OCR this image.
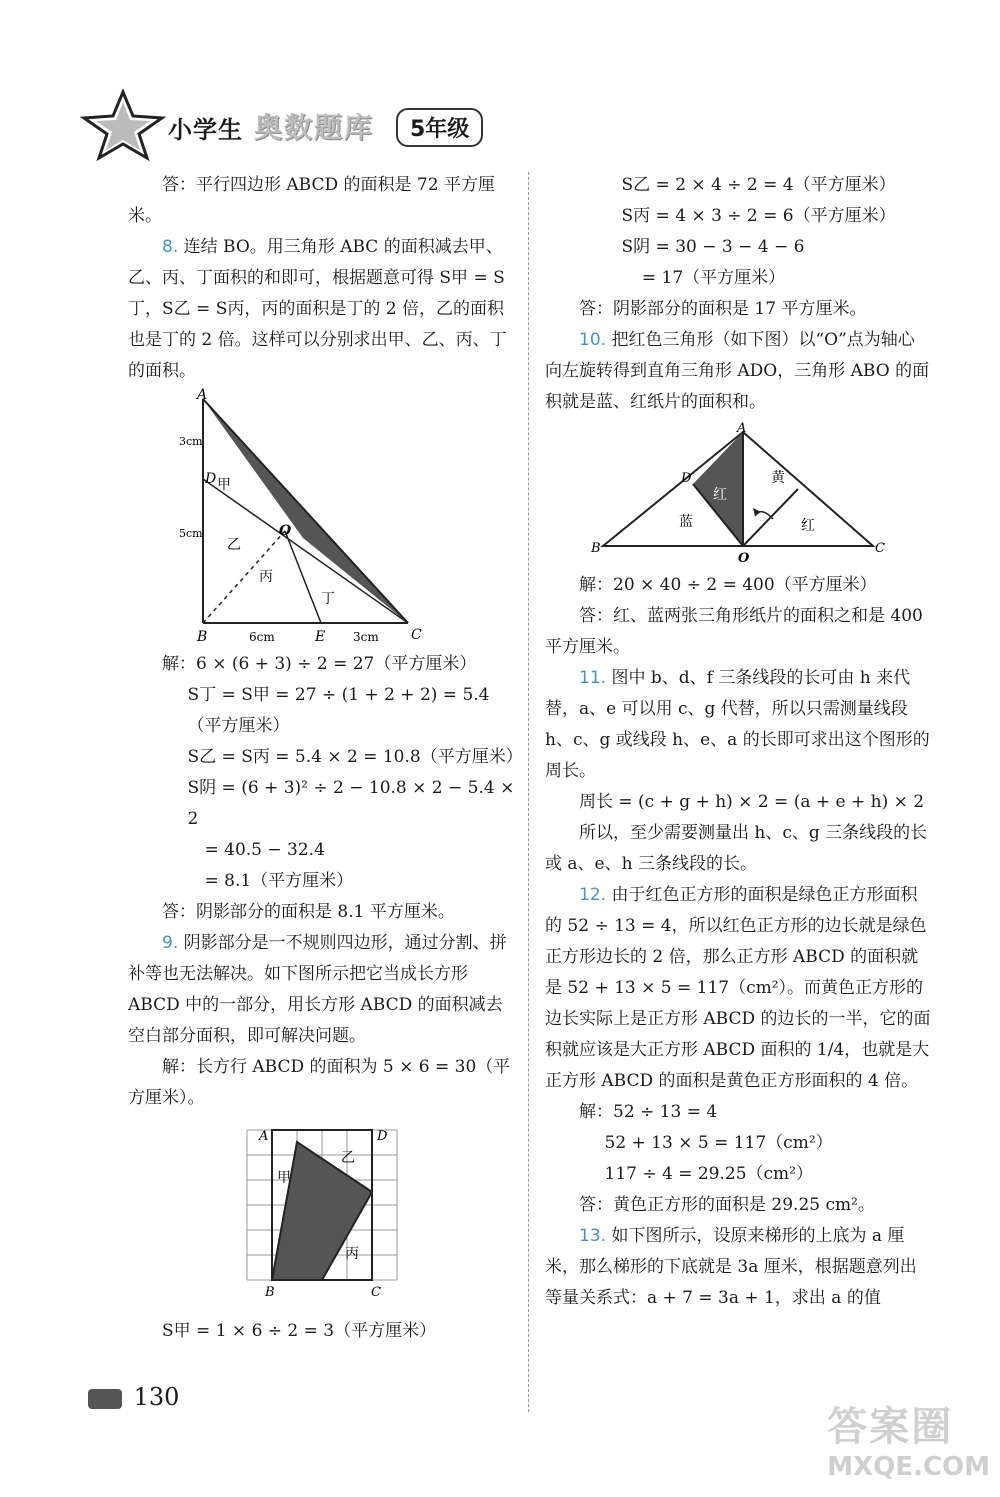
小学生 奥数题库	5年级

答：平行四边形 ABCD 的面积是 72 平方厘米。

8. 连结 BO。用三角形 ABC 的面积减去甲、乙、丙、丁面积的和即可，根据题意可得 S甲 = S丁，S乙 = S丙，丙的面积是丁的 2 倍，乙的面积也是丁的 2 倍。这样可以分别求出甲、乙、丙、丁的面积。

A
D
O
B	E	C
甲
乙
丙
丁
3cm
5cm
6cm	3cm

解：6 × (6 + 3) ÷ 2 = 27（平方厘米）

S丁 = S甲 = 27 ÷ (1 + 2 + 2) = 5.4（平方厘米）

S乙 = S丙 = 5.4 × 2 = 10.8（平方厘米）

S阴 = (6 + 3)² ÷ 2 − 10.8 × 2 − 5.4 × 2

= 40.5 − 32.4

= 8.1（平方厘米）

答：阴影部分的面积是 8.1 平方厘米。

9. 阴影部分是一不规则四边形，通过分割、拼补等也无法解决。如下图所示把它当成长方形 ABCD 中的一部分，用长方形 ABCD 的面积减去空白部分面积，即可解决问题。

解：长方行 ABCD 的面积为 5 × 6 = 30（平方厘米）。

A	D
B	C
甲
乙
丙

S甲 = 1 × 6 ÷ 2 = 3（平方厘米）

S乙 = 2 × 4 ÷ 2 = 4（平方厘米）

S丙 = 4 × 3 ÷ 2 = 6（平方厘米）

S阴 = 30 − 3 − 4 − 6

= 17（平方厘米）

答：阴影部分的面积是 17 平方厘米。

10. 把红色三角形（如下图）以“O”点为轴心向左旋转得到直角三角形 ADO，三角形 ABO 的面积就是蓝、红纸片的面积和。

A
D
B
O
C
红
黄
蓝	红

解：20 × 40 ÷ 2 = 400（平方厘米）

答：红、蓝两张三角形纸片的面积之和是 400 平方厘米。

11. 图中 b、d、f 三条线段的长可由 h 来代替，a、e 可以用 c、g 代替，所以只需测量线段 h、c、g 或线段 h、e、a 的长即可求出这个图形的周长。

周长 = (c + g + h) × 2 = (a + e + h) × 2

所以，至少需要测量出 h、c、g 三条线段的长或 a、e、h 三条线段的长。

12. 由于红色正方形的面积是绿色正方形面积的 52 ÷ 13 = 4，所以红色正方形的边长就是绿色正方形边长的 2 倍，那么正方形 ABCD 的面积就是 52 + 13 × 5 = 117（cm²）。而黄色正方形的边长实际上是正方形 ABCD 的边长的一半，它的面积就应该是大正方形 ABCD 面积的 1/4，也就是大正方形 ABCD 的面积是黄色正方形面积的 4 倍。

解：52 ÷ 13 = 4

52 + 13 × 5 = 117（cm²）

117 ÷ 4 = 29.25（cm²）

答：黄色正方形的面积是 29.25 cm²。

13. 如下图所示，设原来梯形的上底为 a 厘米，那么梯形的下底就是 3a 厘米，根据题意列出等量关系式：a + 7 = 3a + 1，求出 a 的值

130
答案圈
MXQE.COM
